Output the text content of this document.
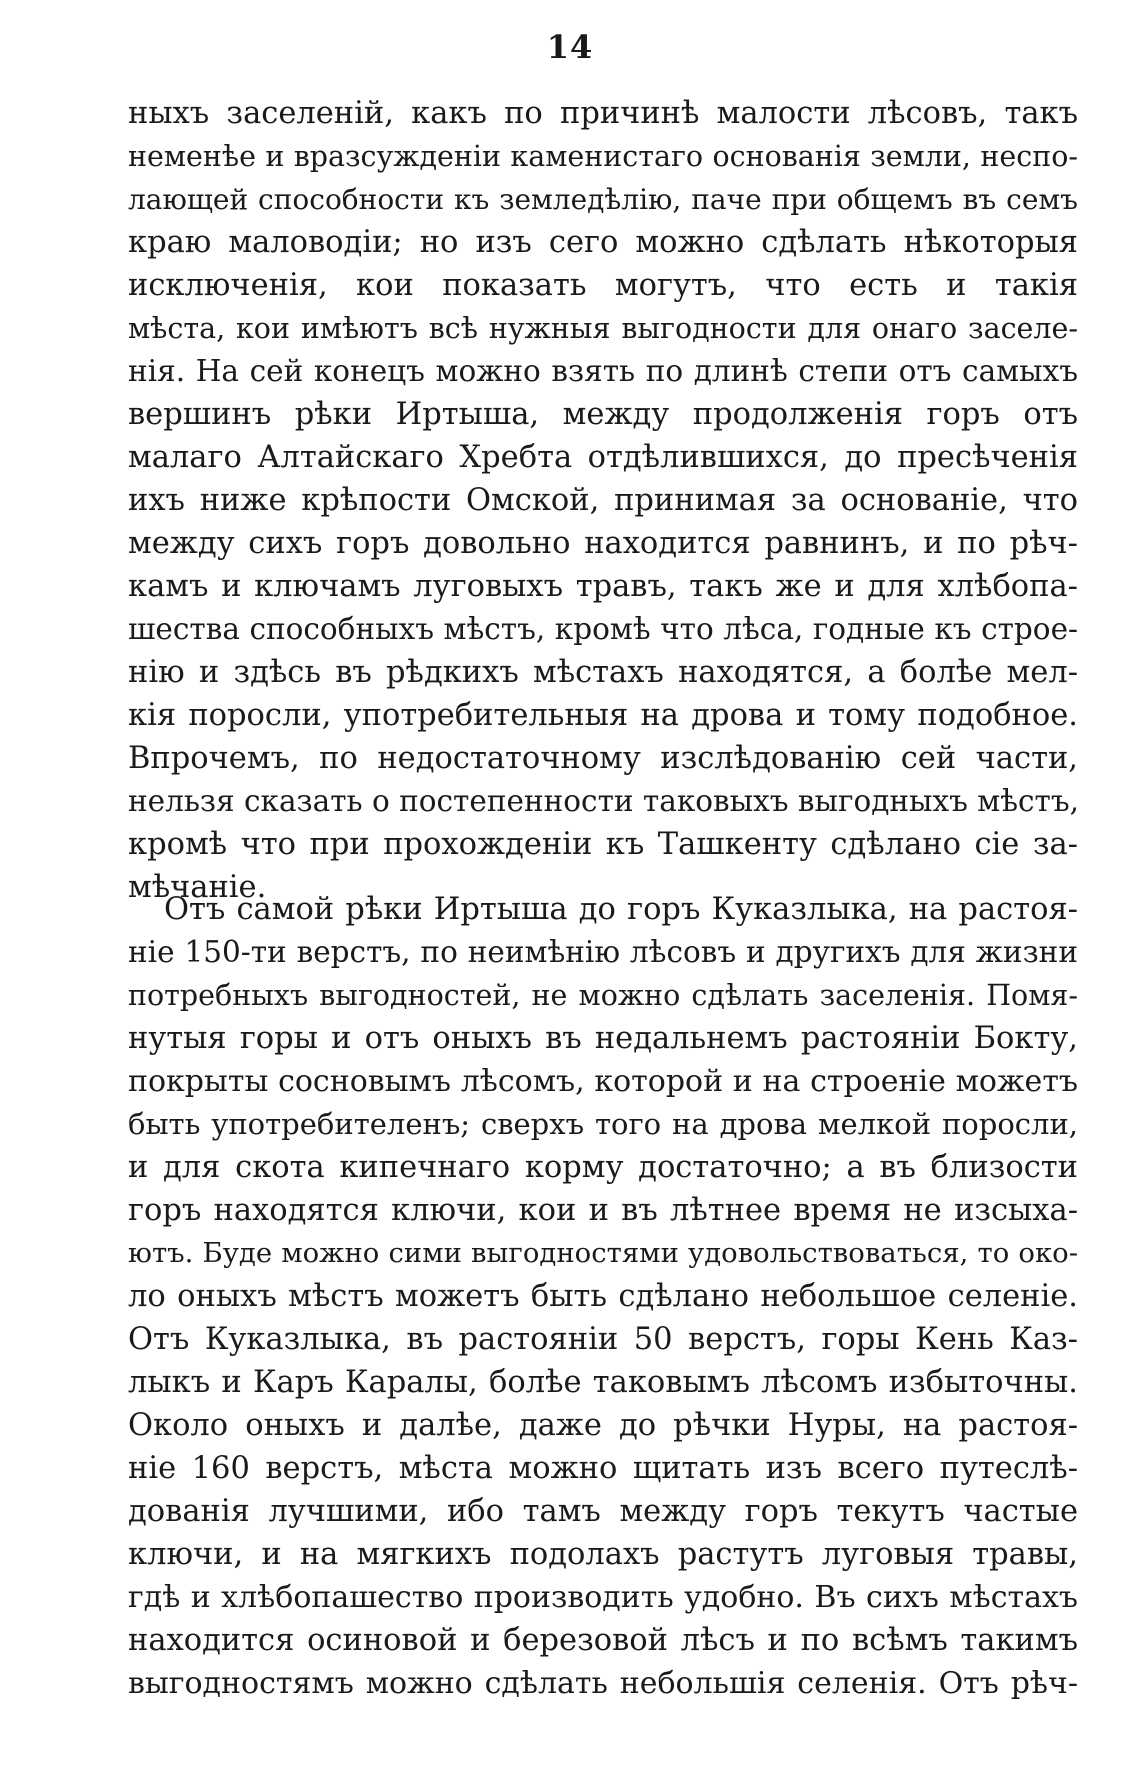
14
ныхъ заселеній, какъ по причинѣ малости лѣсовъ, такъ
неменѣе и вразсужденіи каменистаго основанія земли, неспо-
лающей способности къ земледѣлію, паче при общемъ въ семъ
краю маловодіи; но изъ сего можно сдѣлать нѣкоторыя
исключенія, кои показать могутъ, что есть и такія
мѣста, кои имѣютъ всѣ нужныя выгодности для онаго заселе-
нія. На сей конецъ можно взять по длинѣ степи отъ самыхъ
вершинъ рѣки Иртыша, между продолженія горъ отъ
малаго Алтайскаго Хребта отдѣлившихся, до пресѣченія
ихъ ниже крѣпости Омской, принимая за основаніе, что
между сихъ горъ довольно находится равнинъ, и по рѣч-
камъ и ключамъ луговыхъ травъ, такъ же и для хлѣбопа-
шества способныхъ мѣстъ, кромѣ что лѣса, годные къ строе-
нію и здѣсь въ рѣдкихъ мѣстахъ находятся, а болѣе мел-
кія поросли, употребительныя на дрова и тому подобное.
Впрочемъ, по недостаточному изслѣдованію сей части,
нельзя сказать о постепенности таковыхъ выгодныхъ мѣстъ,
кромѣ что при прохожденіи къ Ташкенту сдѣлано сіе за-
мѣчаніе.
Отъ самой рѣки Иртыша до горъ Куказлыка, на растоя-
ніе 150-ти верстъ, по неимѣнію лѣсовъ и другихъ для жизни
потребныхъ выгодностей, не можно сдѣлать заселенія. Помя-
нутыя горы и отъ оныхъ въ недальнемъ растояніи Бокту,
покрыты сосновымъ лѣсомъ, которой и на строеніе можетъ
быть употребителенъ; сверхъ того на дрова мелкой поросли,
и для скота кипечнаго корму достаточно; а въ близости
горъ находятся ключи, кои и въ лѣтнее время не изсыха-
ютъ. Буде можно сими выгодностями удовольствоваться, то око-
ло оныхъ мѣстъ можетъ быть сдѣлано небольшое селеніе.
Отъ Куказлыка, въ растояніи 50 верстъ, горы Кень Каз-
лыкъ и Каръ Каралы, болѣе таковымъ лѣсомъ избыточны.
Около оныхъ и далѣе, даже до рѣчки Нуры, на растоя-
ніе 160 верстъ, мѣста можно щитать изъ всего путеслѣ-
дованія лучшими, ибо тамъ между горъ текутъ частые
ключи, и на мягкихъ подолахъ растутъ луговыя травы,
гдѣ и хлѣбопашество производить удобно. Въ сихъ мѣстахъ
находится осиновой и березовой лѣсъ и по всѣмъ такимъ
выгодностямъ можно сдѣлать небольшія селенія. Отъ рѣч-
